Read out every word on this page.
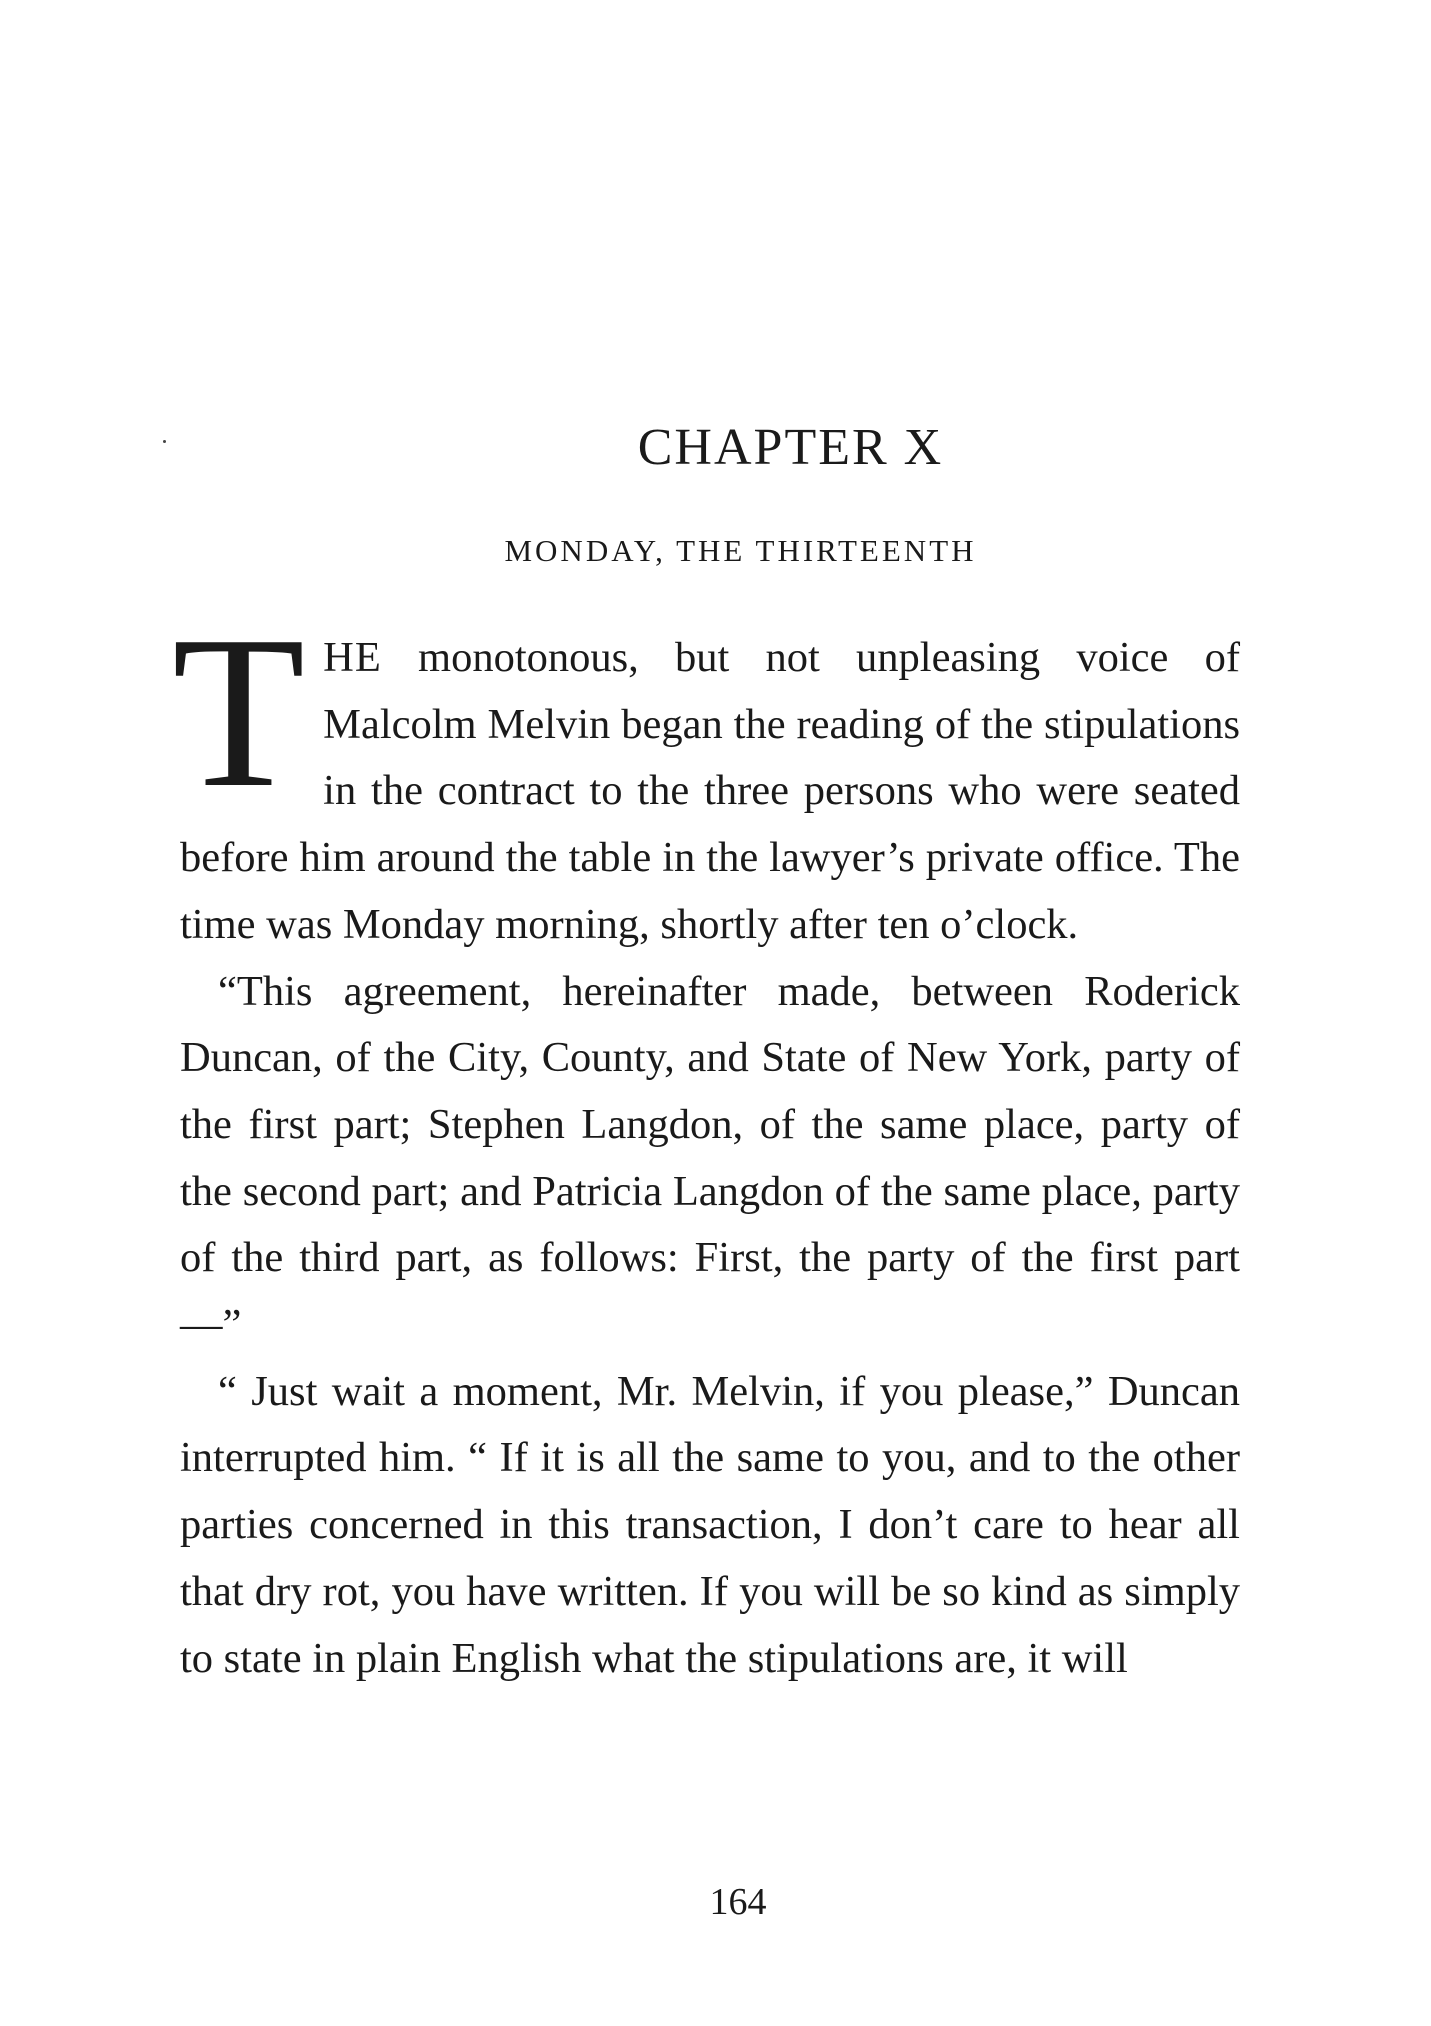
CHAPTER X
MONDAY, THE THIRTEENTH

THE monotonous, but not unpleasing voice of Malcolm Melvin began the reading of the stipulations in the contract to the three persons who were seated before him around the table in the lawyer’s private office. The time was Monday morning, shortly after ten o’clock.

“This agreement, hereinafter made, between Roderick Duncan, of the City, County, and State of New York, party of the first part; Stephen Langdon, of the same place, party of the second part; and Patricia Langdon of the same place, party of the third part, as follows: First, the party of the first part —”

“ Just wait a moment, Mr. Melvin, if you please,” Duncan interrupted him. “ If it is all the same to you, and to the other parties concerned in this transaction, I don’t care to hear all that dry rot, you have written. If you will be so kind as simply to state in plain English what the stipulations are, it will

164
